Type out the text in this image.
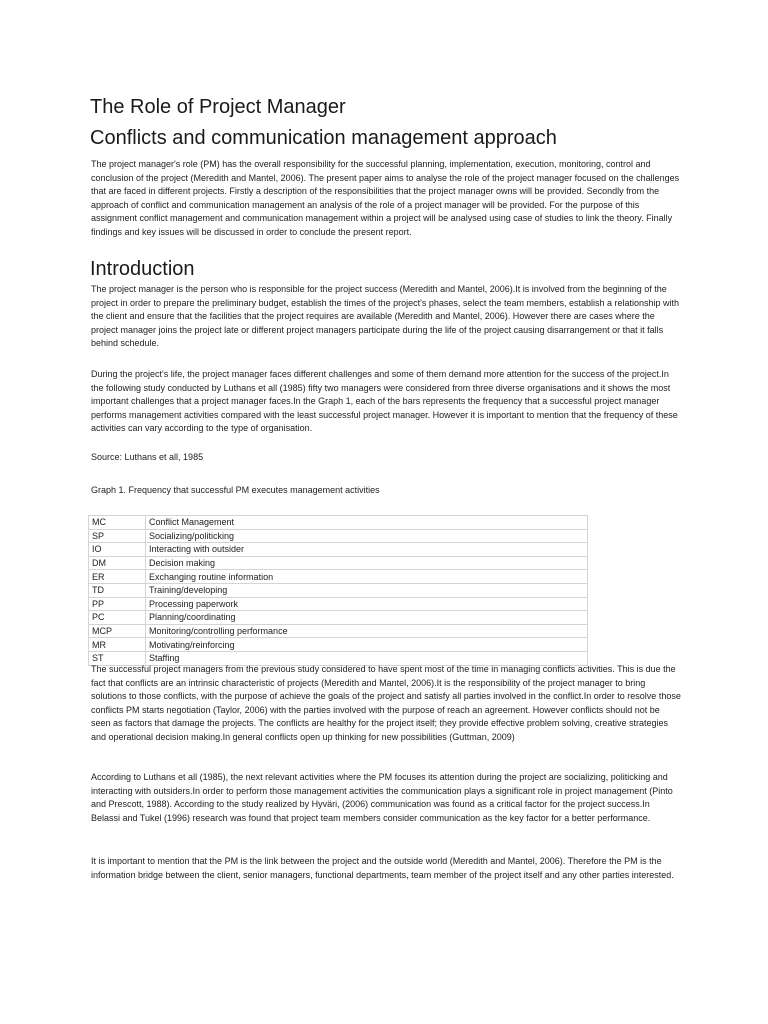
The Role of Project Manager
Conflicts and communication management approach

The project manager's role (PM) has the overall responsibility for the successful planning, implementation, execution, monitoring, control and conclusion of the project (Meredith and Mantel, 2006). The present paper aims to analyse the role of the project manager focused on the challenges that are faced in different projects. Firstly a description of the responsibilities that the project manager owns will be provided. Secondly from the approach of conflict and communication management an analysis of the role of a project manager will be provided. For the purpose of this assignment conflict management and communication management within a project will be analysed using case of studies to link the theory. Finally findings and key issues will be discussed in order to conclude the present report.

Introduction

The project manager is the person who is responsible for the project success (Meredith and Mantel, 2006).It is involved from the beginning of the project in order to prepare the preliminary budget, establish the times of the project's phases, select the team members, establish a relationship with the client and ensure that the facilities that the project requires are available (Meredith and Mantel, 2006). However there are cases where the project manager joins the project late or different project managers participate during the life of the project causing disarrangement or that it falls behind schedule.

During the project's life, the project manager faces different challenges and some of them demand more attention for the success of the project.In the following study conducted by Luthans et all (1985) fifty two managers were considered from three diverse organisations and it shows the most important challenges that a project manager faces.In the Graph 1, each of the bars represents the frequency that a successful project manager performs management activities compared with the least successful project manager. However it is important to mention that the frequency of these activities can vary according to the type of organisation.

Source: Luthans et all, 1985
Graph 1. Frequency that successful PM executes management activities
MC	Conflict Management
SP	Socializing/politicking
IO	Interacting with outsider
DM	Decision making
ER	Exchanging routine information
TD	Training/developing
PP	Processing paperwork
PC	Planning/coordinating
MCP	Monitoring/controlling performance
MR	Motivating/reinforcing
ST	Staffing

The successful project managers from the previous study considered to have spent most of the time in managing conflicts activities. This is due the fact that conflicts are an intrinsic characteristic of projects (Meredith and Mantel, 2006).It is the responsibility of the project manager to bring solutions to those conflicts, with the purpose of achieve the goals of the project and satisfy all parties involved in the conflict.In order to resolve those conflicts PM starts negotiation (Taylor, 2006) with the parties involved with the purpose of reach an agreement. However conflicts should not be seen as factors that damage the projects. The conflicts are healthy for the project itself; they provide effective problem solving, creative strategies and operational decision making.In general conflicts open up thinking for new possibilities (Guttman, 2009)

According to Luthans et all (1985), the next relevant activities where the PM focuses its attention during the project are socializing, politicking and interacting with outsiders.In order to perform those management activities the communication plays a significant role in project management (Pinto and Prescott, 1988). According to the study realized by Hyväri, (2006) communication was found as a critical factor for the project success.In Belassi and Tukel (1996) research was found that project team members consider communication as the key factor for a better performance.

It is important to mention that the PM is the link between the project and the outside world (Meredith and Mantel, 2006). Therefore the PM is the information bridge between the client, senior managers, functional departments, team member of the project itself and any other parties interested.
